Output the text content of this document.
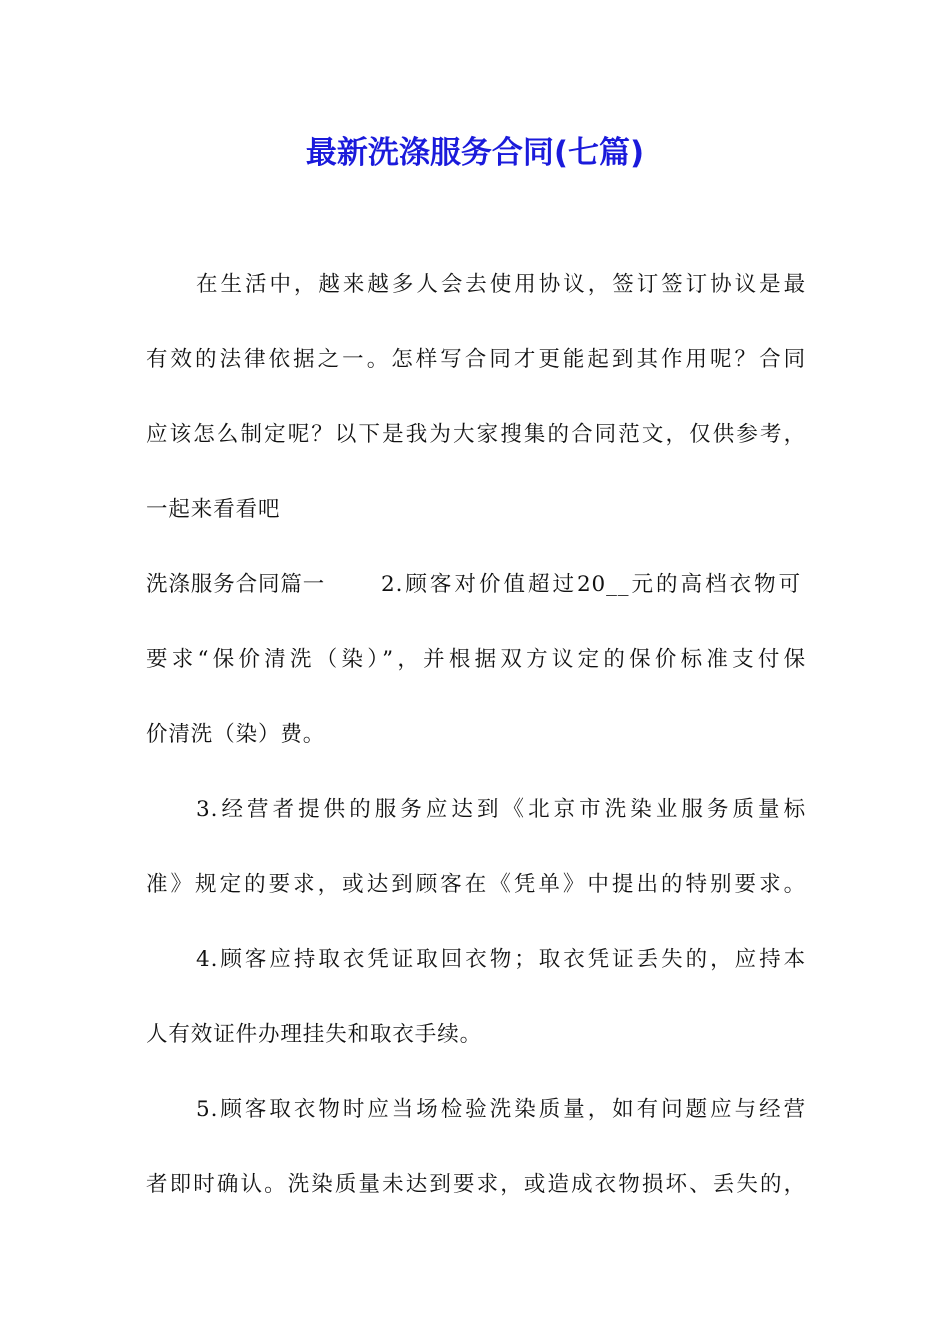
最新洗涤服务合同(七篇)
在生活中，越来越多人会去使用协议，签订签订协议是最
有效的法律依据之一。怎样写合同才更能起到其作用呢？合同
应该怎么制定呢？以下是我为大家搜集的合同范文，仅供参考，
一起来看看吧
洗涤服务合同篇一	2.顾客对价值超过20__元的高档衣物可
要求“保价清洗（染）”，并根据双方议定的保价标准支付保
价清洗（染）费。
3.经营者提供的服务应达到《北京市洗染业服务质量标
准》规定的要求，或达到顾客在《凭单》中提出的特别要求。
4.顾客应持取衣凭证取回衣物；取衣凭证丢失的，应持本
人有效证件办理挂失和取衣手续。
5.顾客取衣物时应当场检验洗染质量，如有问题应与经营
者即时确认。洗染质量未达到要求，或造成衣物损坏、丢失的，
